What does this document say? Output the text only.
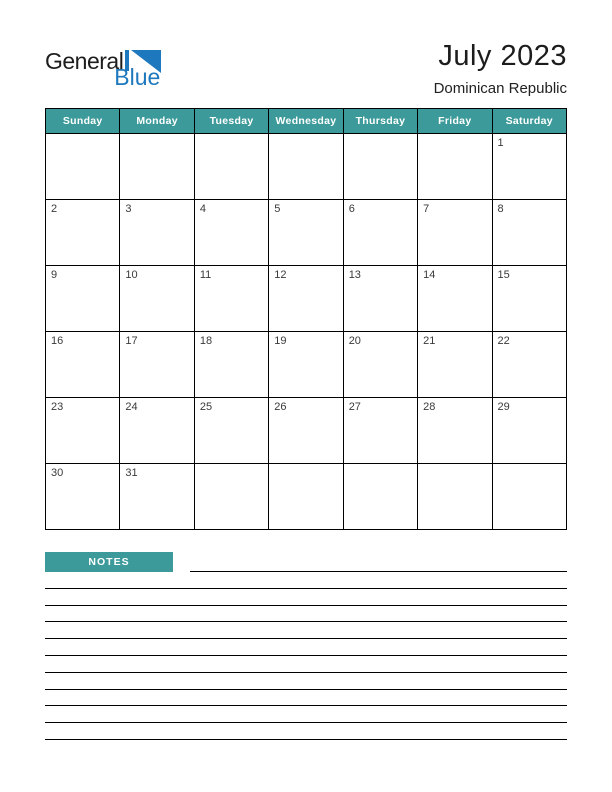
General
Blue
July 2023
Dominican Republic
Sunday	Monday	Tuesday	Wednesday	Thursday	Friday	Saturday
						1
2	3	4	5	6	7	8
9	10	11	12	13	14	15
16	17	18	19	20	21	22
23	24	25	26	27	28	29
30	31					
NOTES
